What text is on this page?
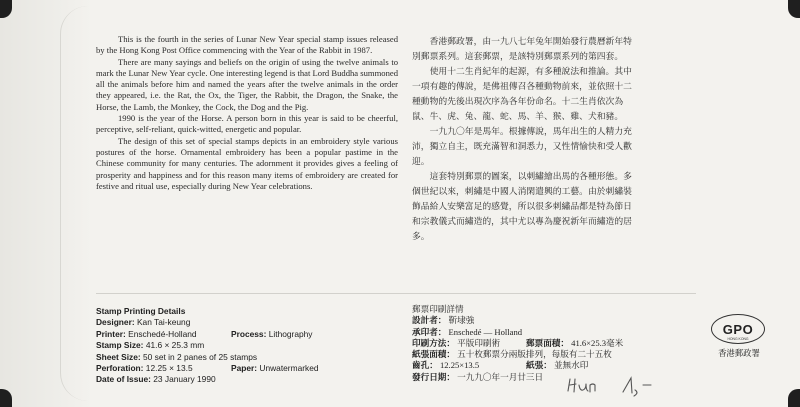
This is the fourth in the series of Lunar New Year special stamp issues released by the Hong Kong Post Office commencing with the Year of the Rabbit in 1987.

There are many sayings and beliefs on the origin of using the twelve animals to mark the Lunar New Year cycle. One interesting legend is that Lord Buddha summoned all the animals before him and named the years after the twelve animals in the order they appeared, i.e. the Rat, the Ox, the Tiger, the Rabbit, the Dragon, the Snake, the Horse, the Lamb, the Monkey, the Cock, the Dog and the Pig.

1990 is the year of the Horse. A person born in this year is said to be cheerful, perceptive, self-reliant, quick-witted, energetic and popular.

The design of this set of special stamps depicts in an embroidery style various postures of the horse. Ornamental embroidery has been a popular pastime in the Chinese community for many centuries. The adornment it provides gives a feeling of prosperity and happiness and for this reason many items of embroidery are created for festive and ritual use, especially during New Year celebrations.

香港郵政署，由一九八七年兔年開始發行農曆新年特別郵票系列。這套郵票，是該特別郵票系列的第四套。

使用十二生肖紀年的起源，有多種說法和推論。其中一項有趣的傳說，是佛祖傳召各種動物前來，並依照十二種動物的先後出現次序為各年份命名。十二生肖依次為鼠、牛、虎、兔、龍、蛇、馬、羊、猴、雞、犬和豬。

一九九〇年是馬年。根據傳說，馬年出生的人精力充沛，獨立自主，既充滿智和洞悉力，又性情愉快和受人歡迎。

這套特別郵票的圖案，以刺繡繪出馬的各種形態。多個世紀以來，刺繡是中國人消閑遣興的工藝。由於刺繡裝飾品給人安樂富足的感覺，所以很多刺繡品都是特為節日和宗教儀式而繡造的，其中尤以專為慶祝新年而繡造的居多。

Stamp Printing Details
Designer: Kan Tai-keung
Printer: Enschedé-Holland	Process: Lithography
Stamp Size: 41.6 × 25.3 mm
Sheet Size: 50 set in 2 panes of 25 stamps
Perforation: 12.25 × 13.5	Paper: Unwatermarked
Date of Issue: 23 January 1990
郵票印刷詳情
設計者： 靳埭強
承印者： Enschedé — Holland
印刷方法： 平版印刷術	郵票面積： 41.6×25.3毫米
紙張面積： 五十枚郵票分兩版排列，每版有二十五枚
齒孔： 12.25×13.5	紙張： 並無水印
發行日期： 一九九〇年一月廿三日
GPO
HONG KONG
香港郵政署
